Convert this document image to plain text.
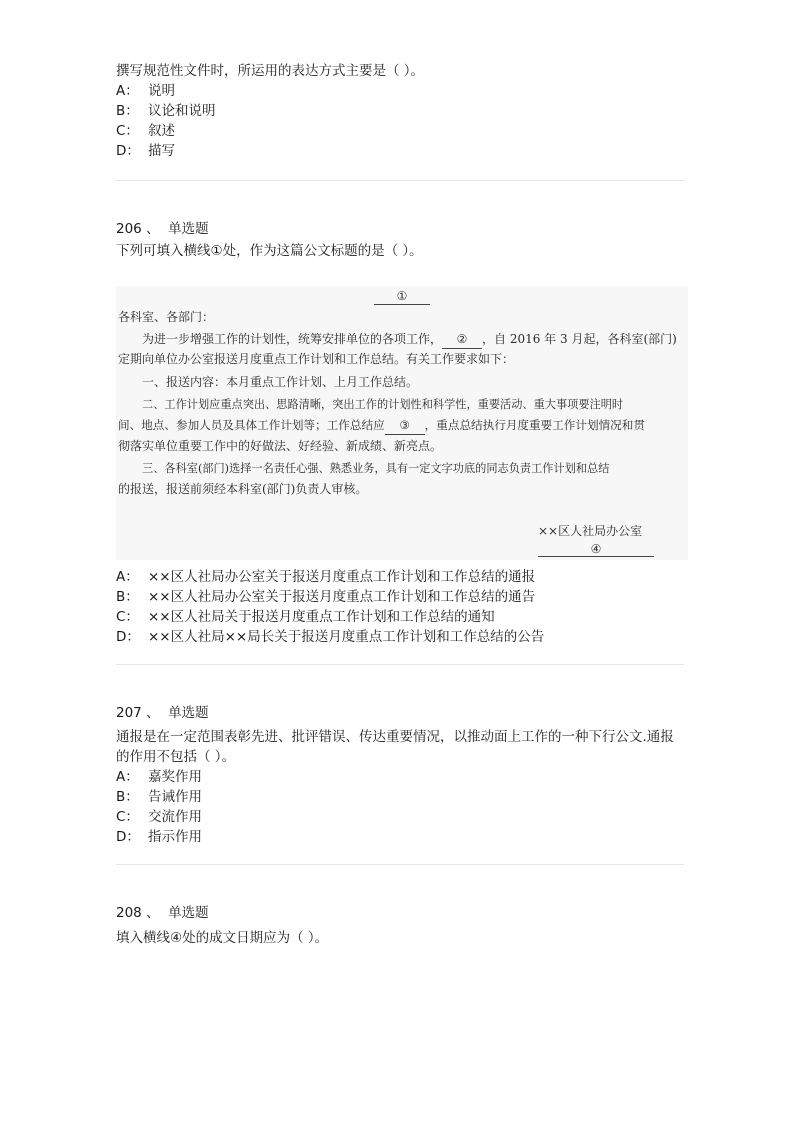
撰写规范性文件时，所运用的表达方式主要是（ ）。
A： 说明
B： 议论和说明
C： 叙述
D： 描写
206 、 单选题
下列可填入横线①处，作为这篇公文标题的是（ ）。
①
各科室、各部门：
为进一步增强工作的计划性，统筹安排单位的各项工作， ② ，自 2016 年 3 月起，各科室(部门)
定期向单位办公室报送月度重点工作计划和工作总结。有关工作要求如下：
一、报送内容：本月重点工作计划、上月工作总结。
二、工作计划应重点突出、思路清晰，突出工作的计划性和科学性，重要活动、重大事项要注明时
间、地点、参加人员及具体工作计划等；工作总结应 ③ ，重点总结执行月度重要工作计划情况和贯
彻落实单位重要工作中的好做法、好经验、新成绩、新亮点。
三、各科室(部门)选择一名责任心强、熟悉业务，具有一定文字功底的同志负责工作计划和总结
的报送，报送前须经本科室(部门)负责人审核。
××区人社局办公室
④
A： ××区人社局办公室关于报送月度重点工作计划和工作总结的通报
B： ××区人社局办公室关于报送月度重点工作计划和工作总结的通告
C： ××区人社局关于报送月度重点工作计划和工作总结的通知
D： ××区人社局××局长关于报送月度重点工作计划和工作总结的公告
207 、 单选题
通报是在一定范围表彰先进、批评错误、传达重要情况，以推动面上工作的一种下行公文.通报的作用不包括（ ）。
A： 嘉奖作用
B： 告诫作用
C： 交流作用
D： 指示作用
208 、 单选题
填入横线④处的成文日期应为（ ）。
